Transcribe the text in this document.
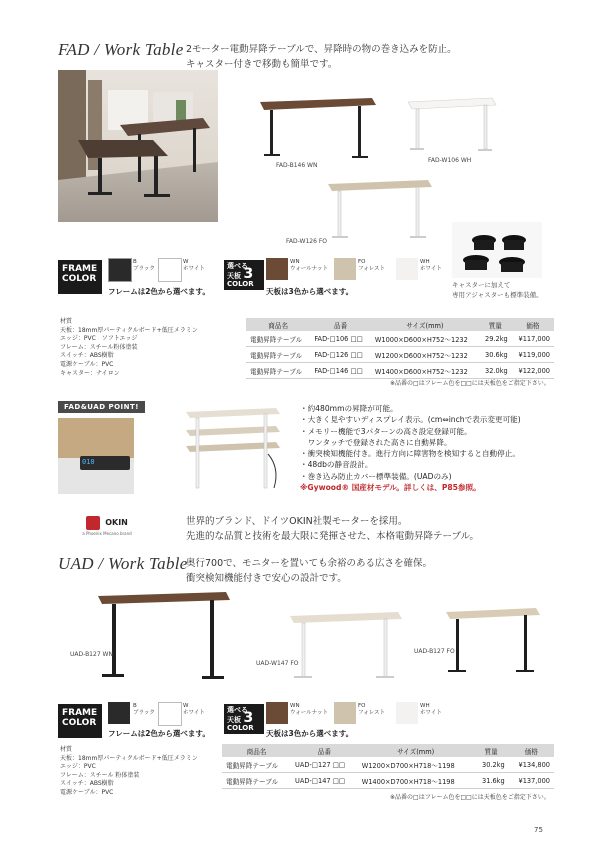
FAD / Work Table 2モーター電動昇降テーブルで、昇降時の物の巻き込みを防止。
キャスター付きで移動も簡単です。
FAD-B146 WN
FAD-W106 WH
FAD-W126 FO
キャスターに加えて
専用アジャスターも標準装備。
FRAME COLOR
B
ブラック
W
ホワイト
フレームは2色から選べます。
選べる
天板 3
COLOR
WN
ウォールナット
FO
フォレスト
WH
ホワイト
天板は3色から選べます。
材質
天板：18mm厚パーティクルボード+低圧メラミン
エッジ：PVC　ソフトエッジ
フレーム：スチール粉体塗装
スイッチ：ABS樹脂
電源ケーブル：PVC
キャスター：ナイロン
商品名	品番	サイズ(mm)	質量	価格
電動昇降テーブル	FAD-□106 □□	W1000×D600×H752〜1232	29.2kg	¥117,000
電動昇降テーブル	FAD-□126 □□	W1200×D600×H752〜1232	30.6kg	¥119,000
電動昇降テーブル	FAD-□146 □□	W1400×D600×H752〜1232	32.0kg	¥122,000
※品番の□はフレーム色を□□には天板色をご指定下さい。
FAD&UAD POINT!
010
・約480mmの昇降が可能。
・大きく見やすいディスプレイ表示。(cm⇔inchで表示変更可能)
・メモリー機能で3パターンの高さ設定登録可能。
　ワンタッチで登録された高さに自動昇降。
・衝突検知機能付き。進行方向に障害物を検知すると自動停止。
・48dbの静音設計。
・巻き込み防止カバー標準装備。(UADのみ)
※Gywood® 国産材モデル。詳しくは、P85参照。
OKIN
a Phoenix Mecano brand
世界的ブランド、ドイツOKIN社製モーターを採用。
先進的な品質と技術を最大限に発揮させた、本格電動昇降テーブル。
UAD / Work Table
奥行700で、モニターを置いても余裕のある広さを確保。
衝突検知機能付きで安心の設計です。
UAD-B127 WN
UAD-W147 FO
UAD-B127 FO
FRAME COLOR
B
ブラック
W
ホワイト
フレームは2色から選べます。
選べる
天板 3
COLOR
WN
ウォールナット
FO
フォレスト
WH
ホワイト
天板は3色から選べます。
材質
天板：18mm厚パーティクルボード+低圧メラミン
エッジ：PVC
フレーム：スチール 粉体塗装
スイッチ：ABS樹脂
電源ケーブル：PVC
商品名	品番	サイズ(mm)	質量	価格
電動昇降テーブル	UAD-□127 □□	W1200×D700×H718〜1198	30.2kg	¥134,800
電動昇降テーブル	UAD-□147 □□	W1400×D700×H718〜1198	31.6kg	¥137,000
※品番の□はフレーム色を□□には天板色をご指定下さい。
75
